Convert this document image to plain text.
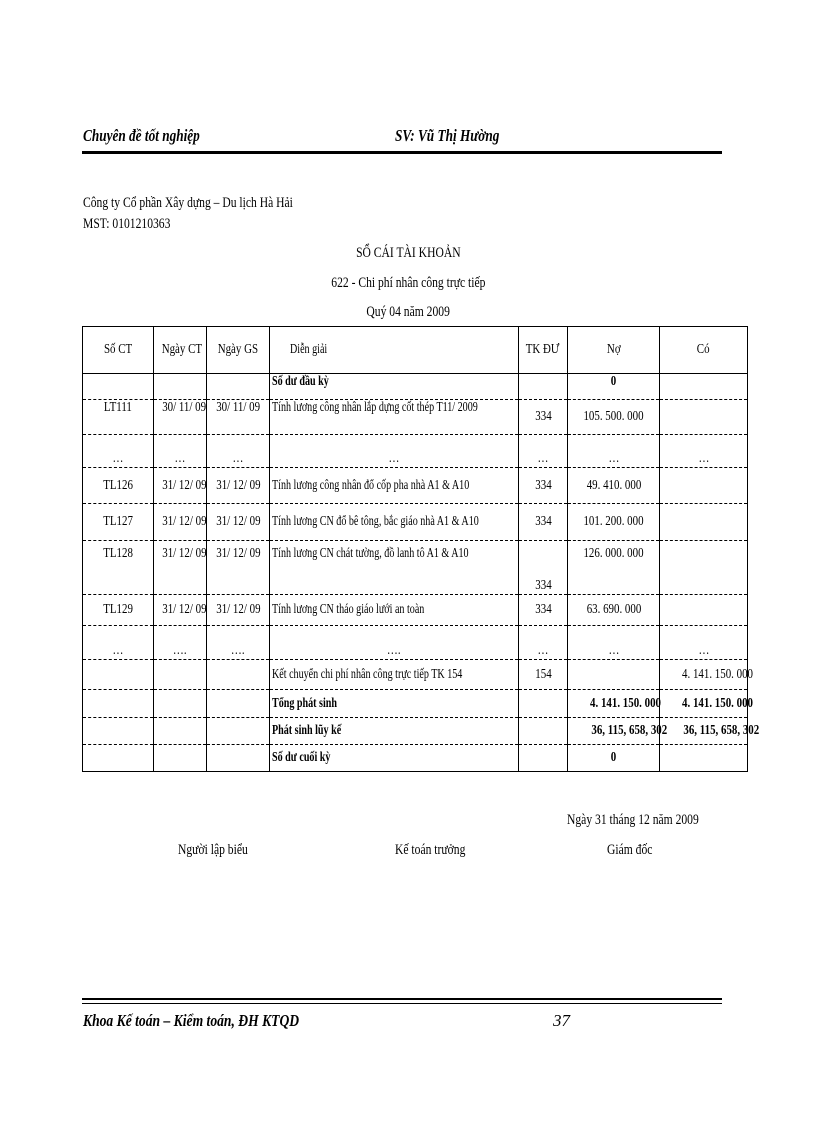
Chuyên đề tốt nghiệp	SV: Vũ Thị Hường
Công ty Cổ phần Xây dựng – Du lịch Hà Hải
MST: 0101210363
SỔ CÁI TÀI KHOẢN
622 - Chi phí nhân công trực tiếp
Quý 04 năm 2009
Số CT	Ngày CT	Ngày GS	Diễn giải	TK ĐƯ	Nợ	Có
			Số dư đầu kỳ		0	
LT111	30/ 11/ 09	30/ 11/ 09	Tính lương công nhân lắp dựng cốt thép T11/ 2009	334	105. 500. 000	
…	…	…	…	…	…	…
TL126	31/ 12/ 09	31/ 12/ 09	Tính lương công nhân đổ cốp pha nhà A1 & A10	334	49. 410. 000	
TL127	31/ 12/ 09	31/ 12/ 09	Tính lương CN đổ bê tông, bắc giáo nhà A1 & A10	334	101. 200. 000	
TL128	31/ 12/ 09	31/ 12/ 09	Tính lương CN chát tường, đồ lanh tô A1 & A10	334	126. 000. 000	
TL129	31/ 12/ 09	31/ 12/ 09	Tính lương CN tháo giáo lưới an toàn	334	63. 690. 000	
…	….	….	….	…	…	…
			Kết chuyển chi phí nhân công trực tiếp TK 154	154		4. 141. 150. 000
			Tổng phát sinh		4. 141. 150. 000	4. 141. 150. 000
			Phát sinh lũy kế		36, 115, 658, 302	36, 115, 658, 302
			Số dư cuối kỳ		0	
Ngày 31 tháng 12 năm 2009
Người lập biểu	Kế toán trưởng	Giám đốc
Khoa Kế toán – Kiểm toán, ĐH KTQD	37
